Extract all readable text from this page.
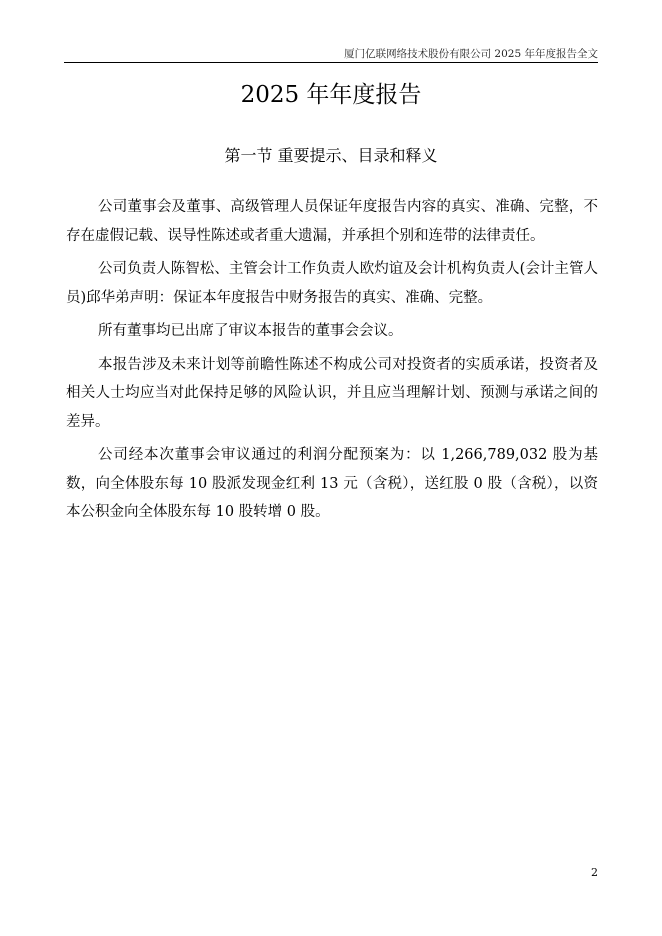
厦门亿联网络技术股份有限公司 2025 年年度报告全文
2025 年年度报告
第一节 重要提示、目录和释义

公司董事会及董事、高级管理人员保证年度报告内容的真实、准确、完整，不存在虚假记载、误导性陈述或者重大遗漏，并承担个别和连带的法律责任。

公司负责人陈智松、主管会计工作负责人欧灼谊及会计机构负责人(会计主管人员)邱华弟声明：保证本年度报告中财务报告的真实、准确、完整。

所有董事均已出席了审议本报告的董事会会议。

本报告涉及未来计划等前瞻性陈述不构成公司对投资者的实质承诺，投资者及相关人士均应当对此保持足够的风险认识，并且应当理解计划、预测与承诺之间的差异。

公司经本次董事会审议通过的利润分配预案为：以 1,266,789,032 股为基数，向全体股东每 10 股派发现金红利 13 元（含税），送红股 0 股（含税），以资本公积金向全体股东每 10 股转增 0 股。

2
